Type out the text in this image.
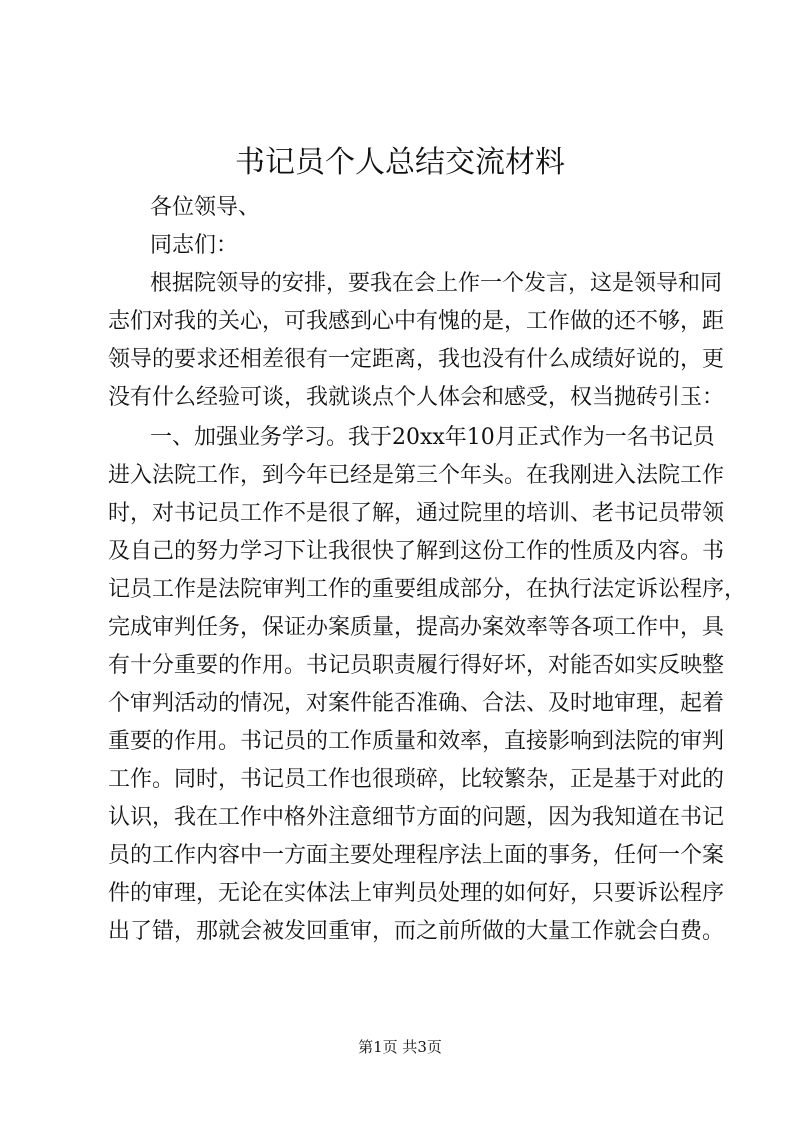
书记员个人总结交流材料

各位领导、

同志们：

根据院领导的安排，要我在会上作一个发言，这是领导和同

志们对我的关心，可我感到心中有愧的是，工作做的还不够，距

领导的要求还相差很有一定距离，我也没有什么成绩好说的，更

没有什么经验可谈，我就谈点个人体会和感受，权当抛砖引玉：

一、加强业务学习。我于20xx年10月正式作为一名书记员

进入法院工作，到今年已经是第三个年头。在我刚进入法院工作

时，对书记员工作不是很了解，通过院里的培训、老书记员带领

及自己的努力学习下让我很快了解到这份工作的性质及内容。书

记员工作是法院审判工作的重要组成部分，在执行法定诉讼程序，

完成审判任务，保证办案质量，提高办案效率等各项工作中，具

有十分重要的作用。书记员职责履行得好坏，对能否如实反映整

个审判活动的情况，对案件能否准确、合法、及时地审理，起着

重要的作用。书记员的工作质量和效率，直接影响到法院的审判

工作。同时，书记员工作也很琐碎，比较繁杂，正是基于对此的

认识，我在工作中格外注意细节方面的问题，因为我知道在书记

员的工作内容中一方面主要处理程序法上面的事务，任何一个案

件的审理，无论在实体法上审判员处理的如何好，只要诉讼程序

出了错，那就会被发回重审，而之前所做的大量工作就会白费。

第1页 共3页
